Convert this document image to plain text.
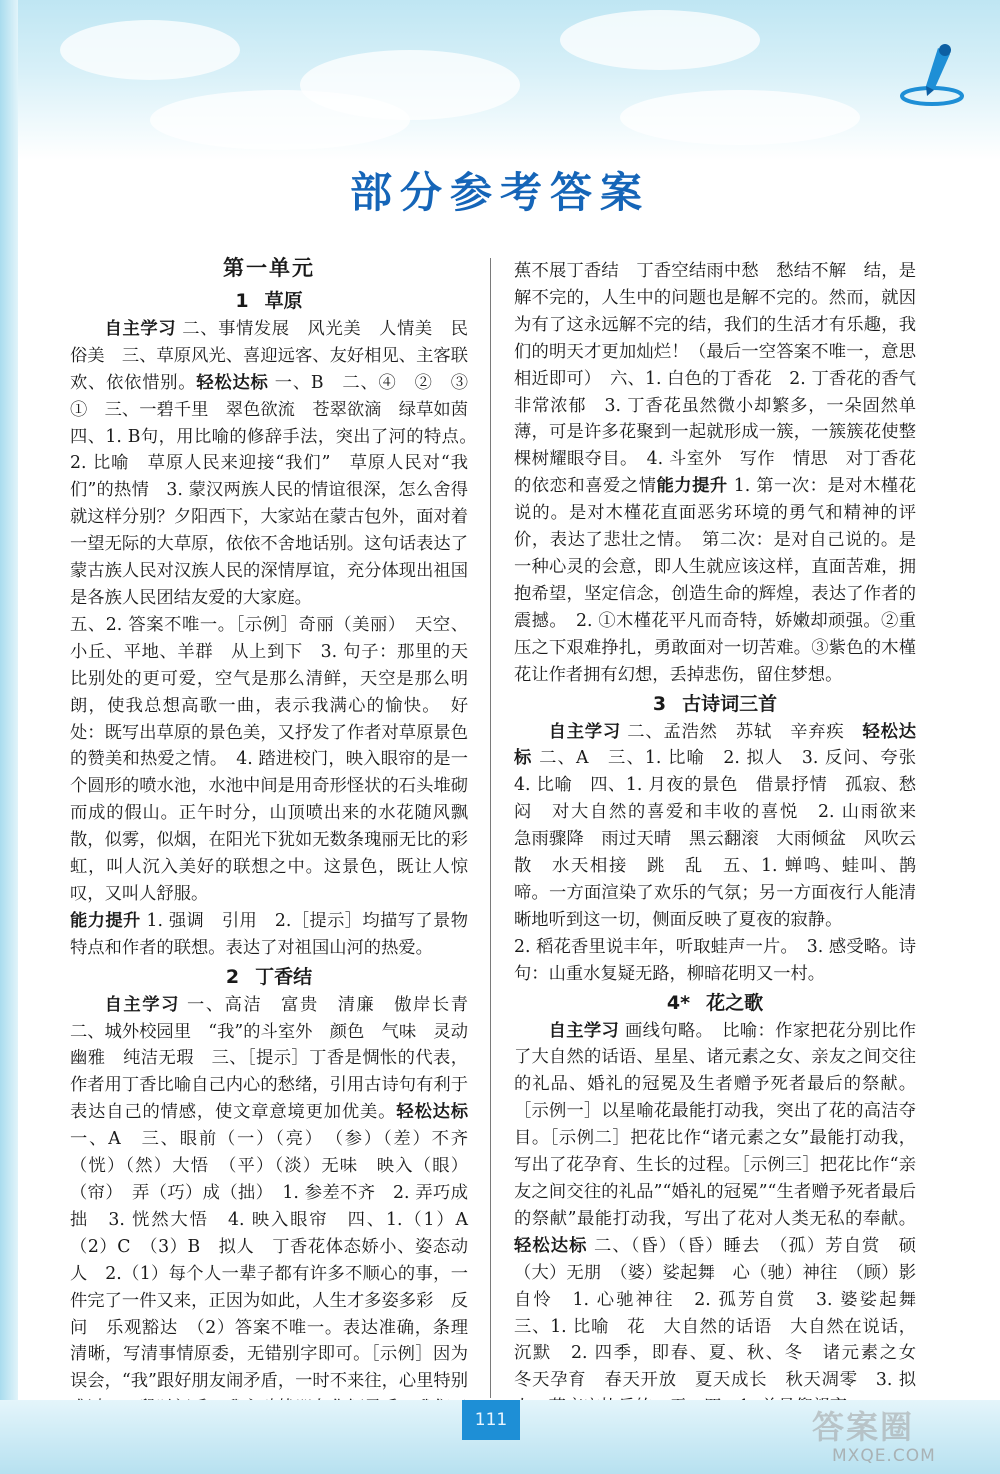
部分参考答案
第一单元
1 草原

自主学习 二、事情发展　风光美　人情美　民俗美　三、草原风光、喜迎远客、友好相见、主客联欢、依依惜别。轻松达标 一、B　二、④　②　③　①　三、一碧千里　翠色欲流　苍翠欲滴　绿草如茵　四、1. B句，用比喻的修辞手法，突出了河的特点。　2. 比喻　草原人民来迎接“我们”　草原人民对“我们”的热情　3. 蒙汉两族人民的情谊很深，怎么舍得就这样分别？夕阳西下，大家站在蒙古包外，面对着一望无际的大草原，依依不舍地话别。这句话表达了蒙古族人民对汉族人民的深情厚谊，充分体现出祖国是各族人民团结友爱的大家庭。

五、2. 答案不唯一。［示例］奇丽（美丽）　天空、小丘、平地、羊群　从上到下　3. 句子：那里的天比别处的更可爱，空气是那么清鲜，天空是那么明朗，使我总想高歌一曲，表示我满心的愉快。　好处：既写出草原的景色美，又抒发了作者对草原景色的赞美和热爱之情。　4. 踏进校门，映入眼帘的是一个圆形的喷水池，水池中间是用奇形怪状的石头堆砌而成的假山。正午时分，山顶喷出来的水花随风飘散，似雾，似烟，在阳光下犹如无数条瑰丽无比的彩虹，叫人沉入美好的联想之中。这景色，既让人惊叹，又叫人舒服。

能力提升 1. 强调　引用　2.［提示］均描写了景物特点和作者的联想。表达了对祖国山河的热爱。

2 丁香结

自主学习 一、高洁　富贵　清廉　傲岸长青　二、城外校园里　“我”的斗室外　颜色　气味　灵动幽雅　纯洁无瑕　三、［提示］丁香是惆怅的代表，作者用丁香比喻自己内心的愁绪，引用古诗句有利于表达自己的情感，使文章意境更加优美。轻松达标 一、A　三、眼前（一）（亮）　（参）（差）不齐　（恍）（然）大悟　（平）（淡）无味　映入（眼）（帘）　弄（巧）成（拙）　1. 参差不齐　2. 弄巧成拙　3. 恍然大悟　4. 映入眼帘　四、1.（1）A　（2）C　（3）B　拟人　丁香花体态娇小、姿态动人　2.（1）每个人一辈子都有许多不顺心的事，一件完了一件又来，正因为如此，人生才多姿多彩　反问　乐观豁达　（2）答案不唯一。表达准确，条理清晰，写清事情原委，无错别字即可。［示例］因为误会，“我”跟好朋友闹矛盾，一时不来往，心里特别　　　　　　

蕉不展丁香结　丁香空结雨中愁　愁结不解　结，是解不完的，人生中的问题也是解不完的。然而，就因为有了这永远解不完的结，我们的生活才有乐趣，我们的明天才更加灿烂！（最后一空答案不唯一，意思相近即可）　六、1. 白色的丁香花　2. 丁香花的香气非常浓郁　3. 丁香花虽然微小却繁多，一朵固然单薄，可是许多花聚到一起就形成一簇，一簇簇花使整棵树耀眼夺目。　4. 斗室外　写作　情思　对丁香花的依恋和喜爱之情能力提升 1. 第一次：是对木槿花说的。是对木槿花直面恶劣环境的勇气和精神的评价，表达了悲壮之情。　第二次：是对自己说的。是一种心灵的会意，即人生就应该这样，直面苦难，拥抱希望，坚定信念，创造生命的辉煌，表达了作者的震撼。　2. ①木槿花平凡而奇特，娇嫩却顽强。②重压之下艰难挣扎，勇敢面对一切苦难。③紫色的木槿花让作者拥有幻想，丢掉悲伤，留住梦想。

3 古诗词三首

自主学习 二、孟浩然　苏轼　辛弃疾　轻松达标 二、A　三、1. 比喻　2. 拟人　3. 反问、夸张　4. 比喻　四、1. 月夜的景色　借景抒情　孤寂、愁闷　对大自然的喜爱和丰收的喜悦　2. 山雨欲来　急雨骤降　雨过天晴　黑云翻滚　大雨倾盆　风吹云散　水天相接　跳　乱　五、1. 蝉鸣、蛙叫、鹊啼。一方面渲染了欢乐的气氛；另一方面夜行人能清晰地听到这一切，侧面反映了夏夜的寂静。

2. 稻花香里说丰年，听取蛙声一片。　3. 感受略。诗句：山重水复疑无路，柳暗花明又一村。

4* 花之歌

自主学习 画线句略。　比喻：作家把花分别比作了大自然的话语、星星、诸元素之女、亲友之间交往的礼品、婚礼的冠冕及生者赠予死者最后的祭献。［示例一］以星喻花最能打动我，突出了花的高洁夺目。［示例二］把花比作“诸元素之女”最能打动我，写出了花孕育、生长的过程。［示例三］把花比作“亲友之间交往的礼品”“婚礼的冠冕”“生者赠予死者最后的祭献”最能打动我，写出了花对人类无私的奉献。轻松达标 二、（昏）（昏）睡去　（孤）芳自赏　硕（大）无朋　（婆）娑起舞　心（驰）神往　（顾）影自怜　1. 心驰神往　2. 孤芳自赏　3. 婆娑起舞　三、1. 比喻　花　大自然的话语　大自然在说话，沉默　2. 四季，即春、夏、秋、冬　诸元素之女　冬天孕育　春天开放　夏天成长　秋天凋零　3. 拟　　

111	答案圈
MXQE.COM
